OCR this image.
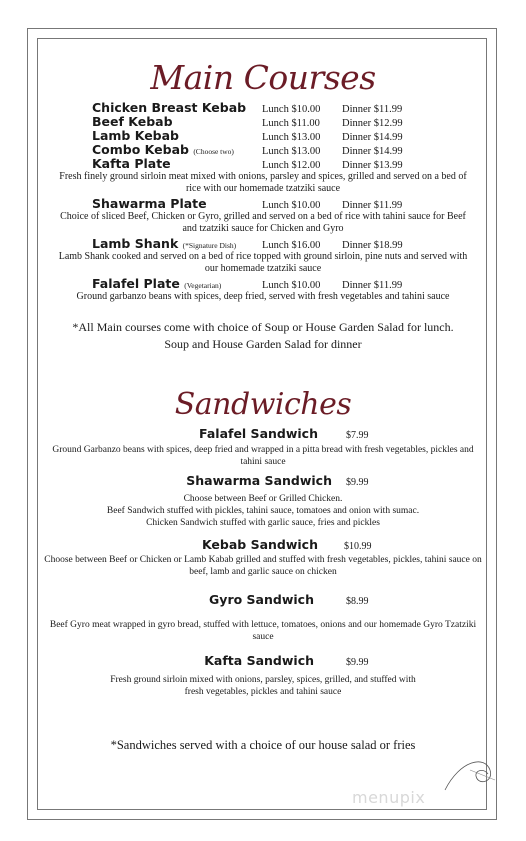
Main Courses
Chicken Breast Kebab	Lunch $10.00	Dinner $11.99
Beef Kebab	Lunch $11.00	Dinner $12.99
Lamb Kebab	Lunch $13.00	Dinner $14.99
Combo Kebab (Choose two)	Lunch $13.00	Dinner $14.99
Kafta Plate	Lunch $12.00	Dinner $13.99
Fresh finely ground sirloin meat mixed with onions, parsley and spices, grilled and served on a bed of rice with our homemade tzatziki sauce
Shawarma Plate	Lunch $10.00	Dinner $11.99
Choice of sliced Beef, Chicken or Gyro, grilled and served on a bed of rice with tahini sauce for Beef and tzatziki sauce for Chicken and Gyro
Lamb Shank (*Signature Dish)	Lunch $16.00	Dinner $18.99
Lamb Shank cooked and served on a bed of rice topped with ground sirloin, pine nuts and served with our homemade tzatziki sauce
Falafel Plate (Vegetarian)	Lunch $10.00	Dinner $11.99
Ground garbanzo beans with spices, deep fried, served with fresh vegetables and tahini sauce
*All Main courses come with choice of Soup or House Garden Salad for lunch.
Soup and House Garden Salad for dinner
Sandwiches
Falafel Sandwich	$7.99
Ground Garbanzo beans with spices, deep fried and wrapped in a pitta bread with fresh vegetables, pickles and tahini sauce
Shawarma Sandwich $9.99
Choose between Beef or Grilled Chicken.
Beef Sandwich stuffed with pickles, tahini sauce, tomatoes and onion with sumac.
Chicken Sandwich stuffed with garlic sauce, fries and pickles
Kebab Sandwich	$10.99
Choose between Beef or Chicken or Lamb Kabab grilled and stuffed with fresh vegetables, pickles, tahini sauce on beef, lamb and garlic sauce on chicken
Gyro Sandwich	$8.99
Beef Gyro meat wrapped in gyro bread, stuffed with lettuce, tomatoes, onions and our homemade Gyro Tzatziki sauce
Kafta Sandwich	$9.99
Fresh ground sirloin mixed with onions, parsley, spices, grilled, and stuffed with fresh vegetables, pickles and tahini sauce
*Sandwiches served with a choice of our house salad or fries
menupix
